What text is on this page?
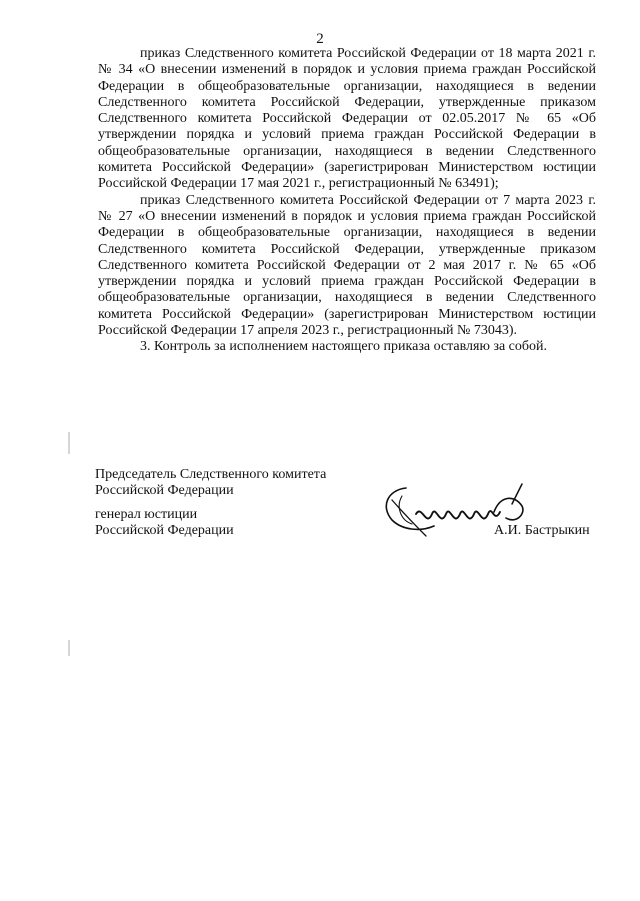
2

приказ Следственного комитета Российской Федерации от 18 марта 2021 г. № 34 «О внесении изменений в порядок и условия приема граждан Российской Федерации в общеобразовательные организации, находящиеся в ведении Следственного комитета Российской Федерации, утвержденные приказом Следственного комитета Российской Федерации от 02.05.2017 № 65 «Об утверждении порядка и условий приема граждан Российской Федерации в общеобразовательные организации, находящиеся в ведении Следственного комитета Российской Федерации» (зарегистрирован Министерством юстиции Российской Федерации 17 мая 2021 г., регистрационный № 63491);

приказ Следственного комитета Российской Федерации от 7 марта 2023 г. № 27 «О внесении изменений в порядок и условия приема граждан Российской Федерации в общеобразовательные организации, находящиеся в ведении Следственного комитета Российской Федерации, утвержденные приказом Следственного комитета Российской Федерации от 2 мая 2017 г. № 65 «Об утверждении порядка и условий приема граждан Российской Федерации в общеобразовательные организации, находящиеся в ведении Следственного комитета Российской Федерации» (зарегистрирован Министерством юстиции Российской Федерации 17 апреля 2023 г., регистрационный № 73043).

3. Контроль за исполнением настоящего приказа оставляю за собой.

Председатель Следственного комитета
Российской Федерации
генерал юстиции
Российской Федерации	А.И. Бастрыкин
